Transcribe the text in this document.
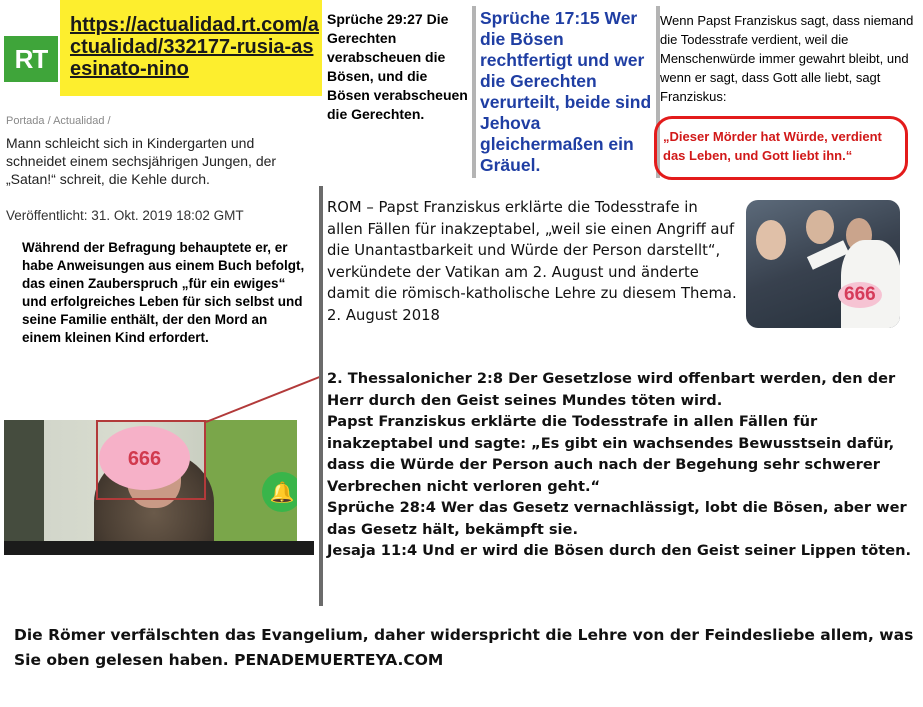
RT
https://actualidad.rt.com/actualidad/332177-rusia-asesinato-nino
Portada / Actualidad /
Mann schleicht sich in Kindergarten und schneidet einem sechsjährigen Jungen, der „Satan!“ schreit, die Kehle durch.
Veröffentlicht: 31. Okt. 2019 18:02 GMT
Während der Befragung behauptete er, er habe Anweisungen aus einem Buch befolgt, das einen Zauberspruch „für ein ewiges“ und erfolgreiches Leben für sich selbst und seine Familie enthält, der den Mord an einem kleinen Kind erfordert.
666
🔔
Sprüche 29:27 Die Gerechten verabscheuen die Bösen, und die Bösen verabscheuen die Gerechten.
Sprüche 17:15 Wer die Bösen rechtfertigt und wer die Gerechten verurteilt, beide sind Jehova gleichermaßen ein Gräuel.
Wenn Papst Franziskus sagt, dass niemand die Todesstrafe verdient, weil die Menschenwürde immer gewahrt bleibt, und wenn er sagt, dass Gott alle liebt, sagt Franziskus:
„Dieser Mörder hat Würde, verdient das Leben, und Gott liebt ihn.“
ROM – Papst Franziskus erklärte die Todesstrafe in allen Fällen für inakzeptabel, „weil sie einen Angriff auf die Unantastbarkeit und Würde der Person darstellt“, verkündete der Vatikan am 2. August und änderte damit die römisch-katholische Lehre zu diesem Thema.
2. August 2018
666
2. Thessalonicher 2:8 Der Gesetzlose wird offenbart werden, den der Herr durch den Geist seines Mundes töten wird.
Papst Franziskus erklärte die Todesstrafe in allen Fällen für inakzeptabel und sagte: „Es gibt ein wachsendes Bewusstsein dafür, dass die Würde der Person auch nach der Begehung sehr schwerer Verbrechen nicht verloren geht.“
Sprüche 28:4 Wer das Gesetz vernachlässigt, lobt die Bösen, aber wer das Gesetz hält, bekämpft sie.
Jesaja 11:4 Und er wird die Bösen durch den Geist seiner Lippen töten.
Die Römer verfälschten das Evangelium, daher widerspricht die Lehre von der Feindesliebe allem, was Sie oben gelesen haben. PENADEMUERTEYA.COM
